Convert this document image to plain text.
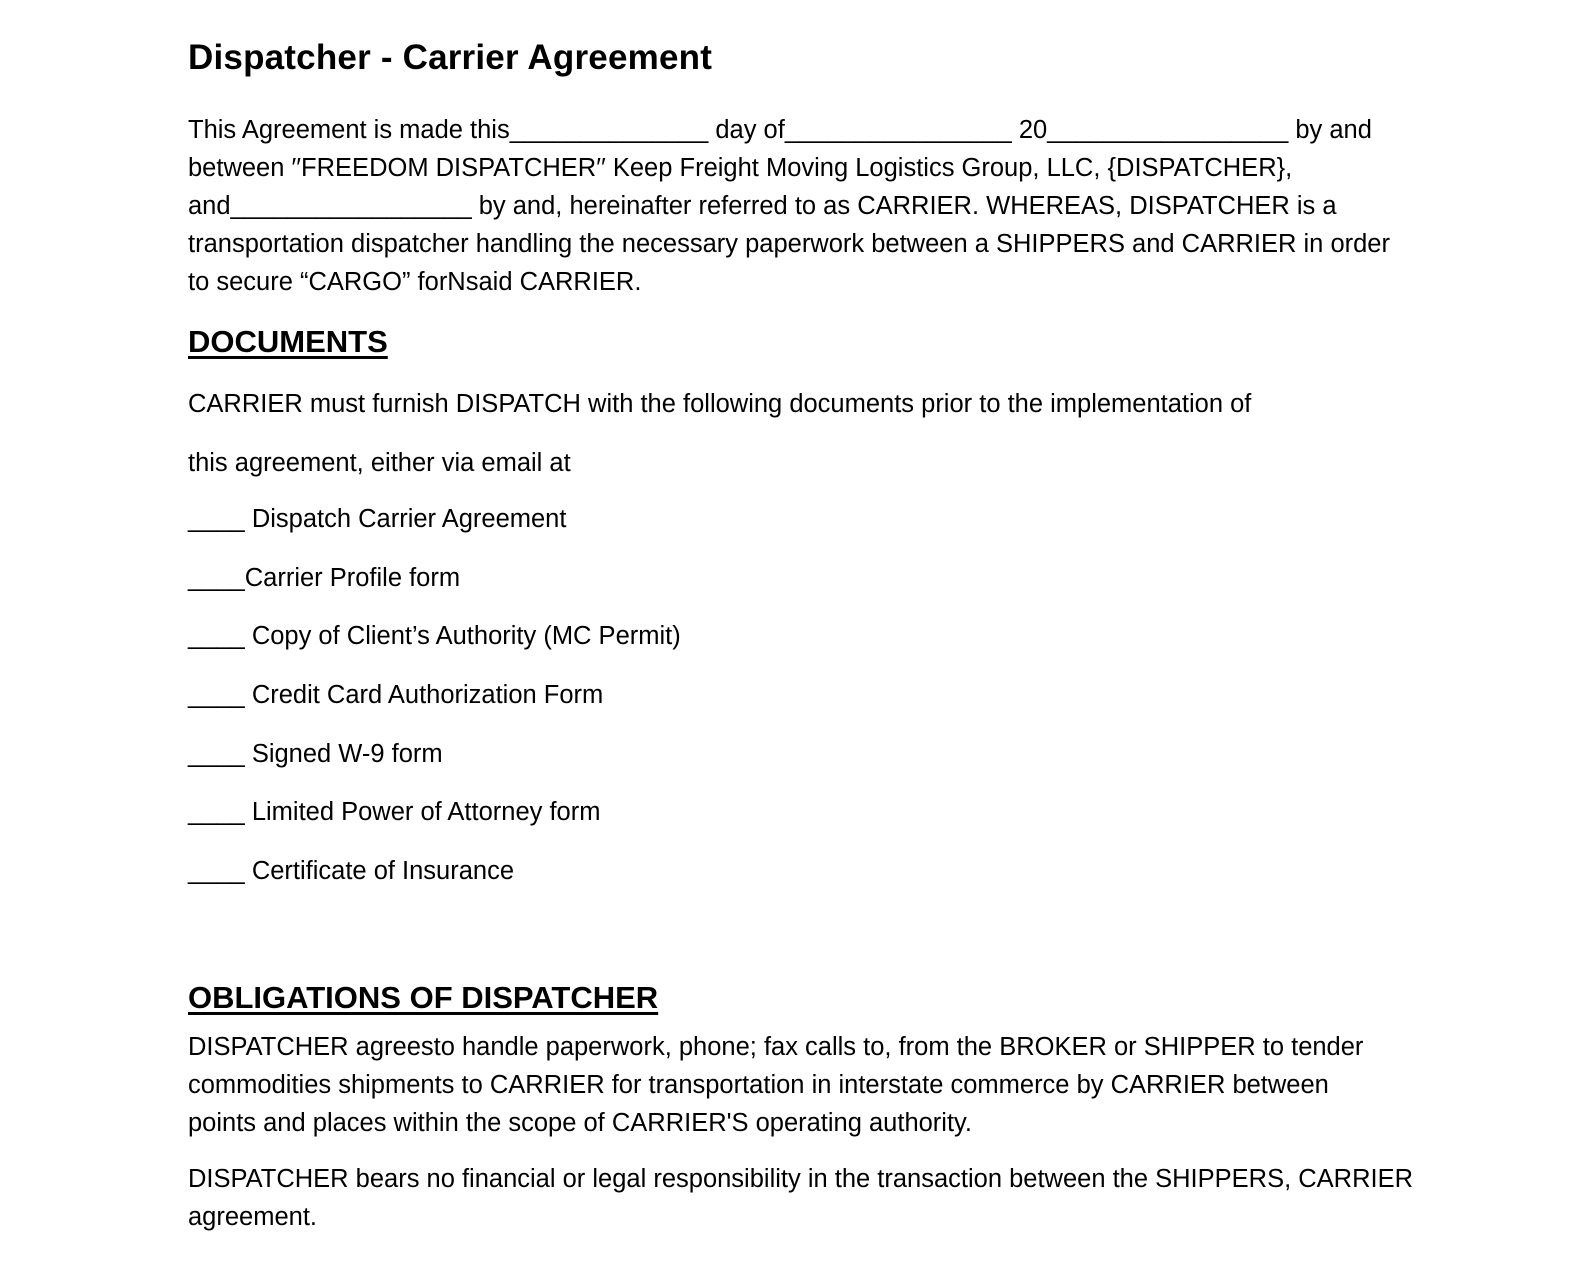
Dispatcher - Carrier Agreement
This Agreement is made this______________ day of________________ 20_________________ by and
between ′′FREEDOM DISPATCHER′′ Keep Freight Moving Logistics Group, LLC, {DISPATCHER},
and_________________ by and, hereinafter referred to as CARRIER. WHEREAS, DISPATCHER is a
transportation dispatcher handling the necessary paperwork between a SHIPPERS and CARRIER in order
to secure “CARGO” forNsaid CARRIER.
DOCUMENTS
CARRIER must furnish DISPATCH with the following documents prior to the implementation of
this agreement, either via email at
____ Dispatch Carrier Agreement
____ Carrier Profile form
____ Copy of Client’s Authority (MC Permit)
____ Credit Card Authorization Form
____ Signed W-9 form
____ Limited Power of Attorney form
____ Certificate of Insurance
OBLIGATIONS OF DISPATCHER
DISPATCHER agreesto handle paperwork, phone; fax calls to, from the BROKER or SHIPPER to tender
commodities shipments to CARRIER for transportation in interstate commerce by CARRIER between
points and places within the scope of CARRIER'S operating authority.
DISPATCHER bears no financial or legal responsibility in the transaction between the SHIPPERS, CARRIER
agreement.
